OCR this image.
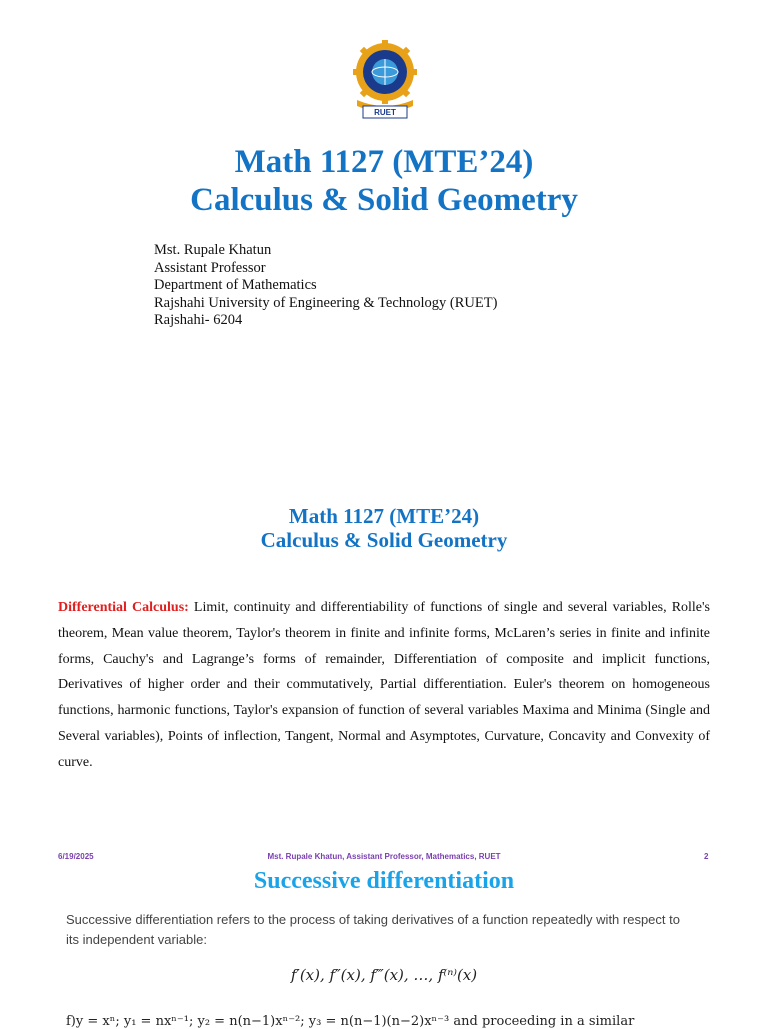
RUET
Math 1127 (MTE’24)
Calculus & Solid Geometry
Mst. Rupale Khatun
Assistant Professor
Department of Mathematics
Rajshahi University of Engineering & Technology (RUET)
Rajshahi- 6204
Math 1127 (MTE’24)
Calculus & Solid Geometry
Differential Calculus: Limit, continuity and differentiability of functions of single and several variables, Rolle's theorem, Mean value theorem, Taylor's theorem in finite and infinite forms, McLaren’s series in finite and infinite forms, Cauchy's and Lagrange’s forms of remainder, Differentiation of composite and implicit functions, Derivatives of higher order and their commutatively, Partial differentiation. Euler's theorem on homogeneous functions, harmonic functions, Taylor's expansion of function of several variables Maxima and Minima (Single and Several variables), Points of inflection, Tangent, Normal and Asymptotes, Curvature, Concavity and Convexity of curve.
6/19/2025	Mst. Rupale Khatun, Assistant Professor, Mathematics, RUET	2
Successive differentiation
Successive differentiation refers to the process of taking derivatives of a function repeatedly with respect to its independent variable:
f′(x), f″(x), f‴(x), …, f⁽ⁿ⁾(x)
f)y = xⁿ; y₁ = nxⁿ⁻¹; y₂ = n(n−1)xⁿ⁻²; y₃ = n(n−1)(n−2)xⁿ⁻³ and proceeding in a similar
